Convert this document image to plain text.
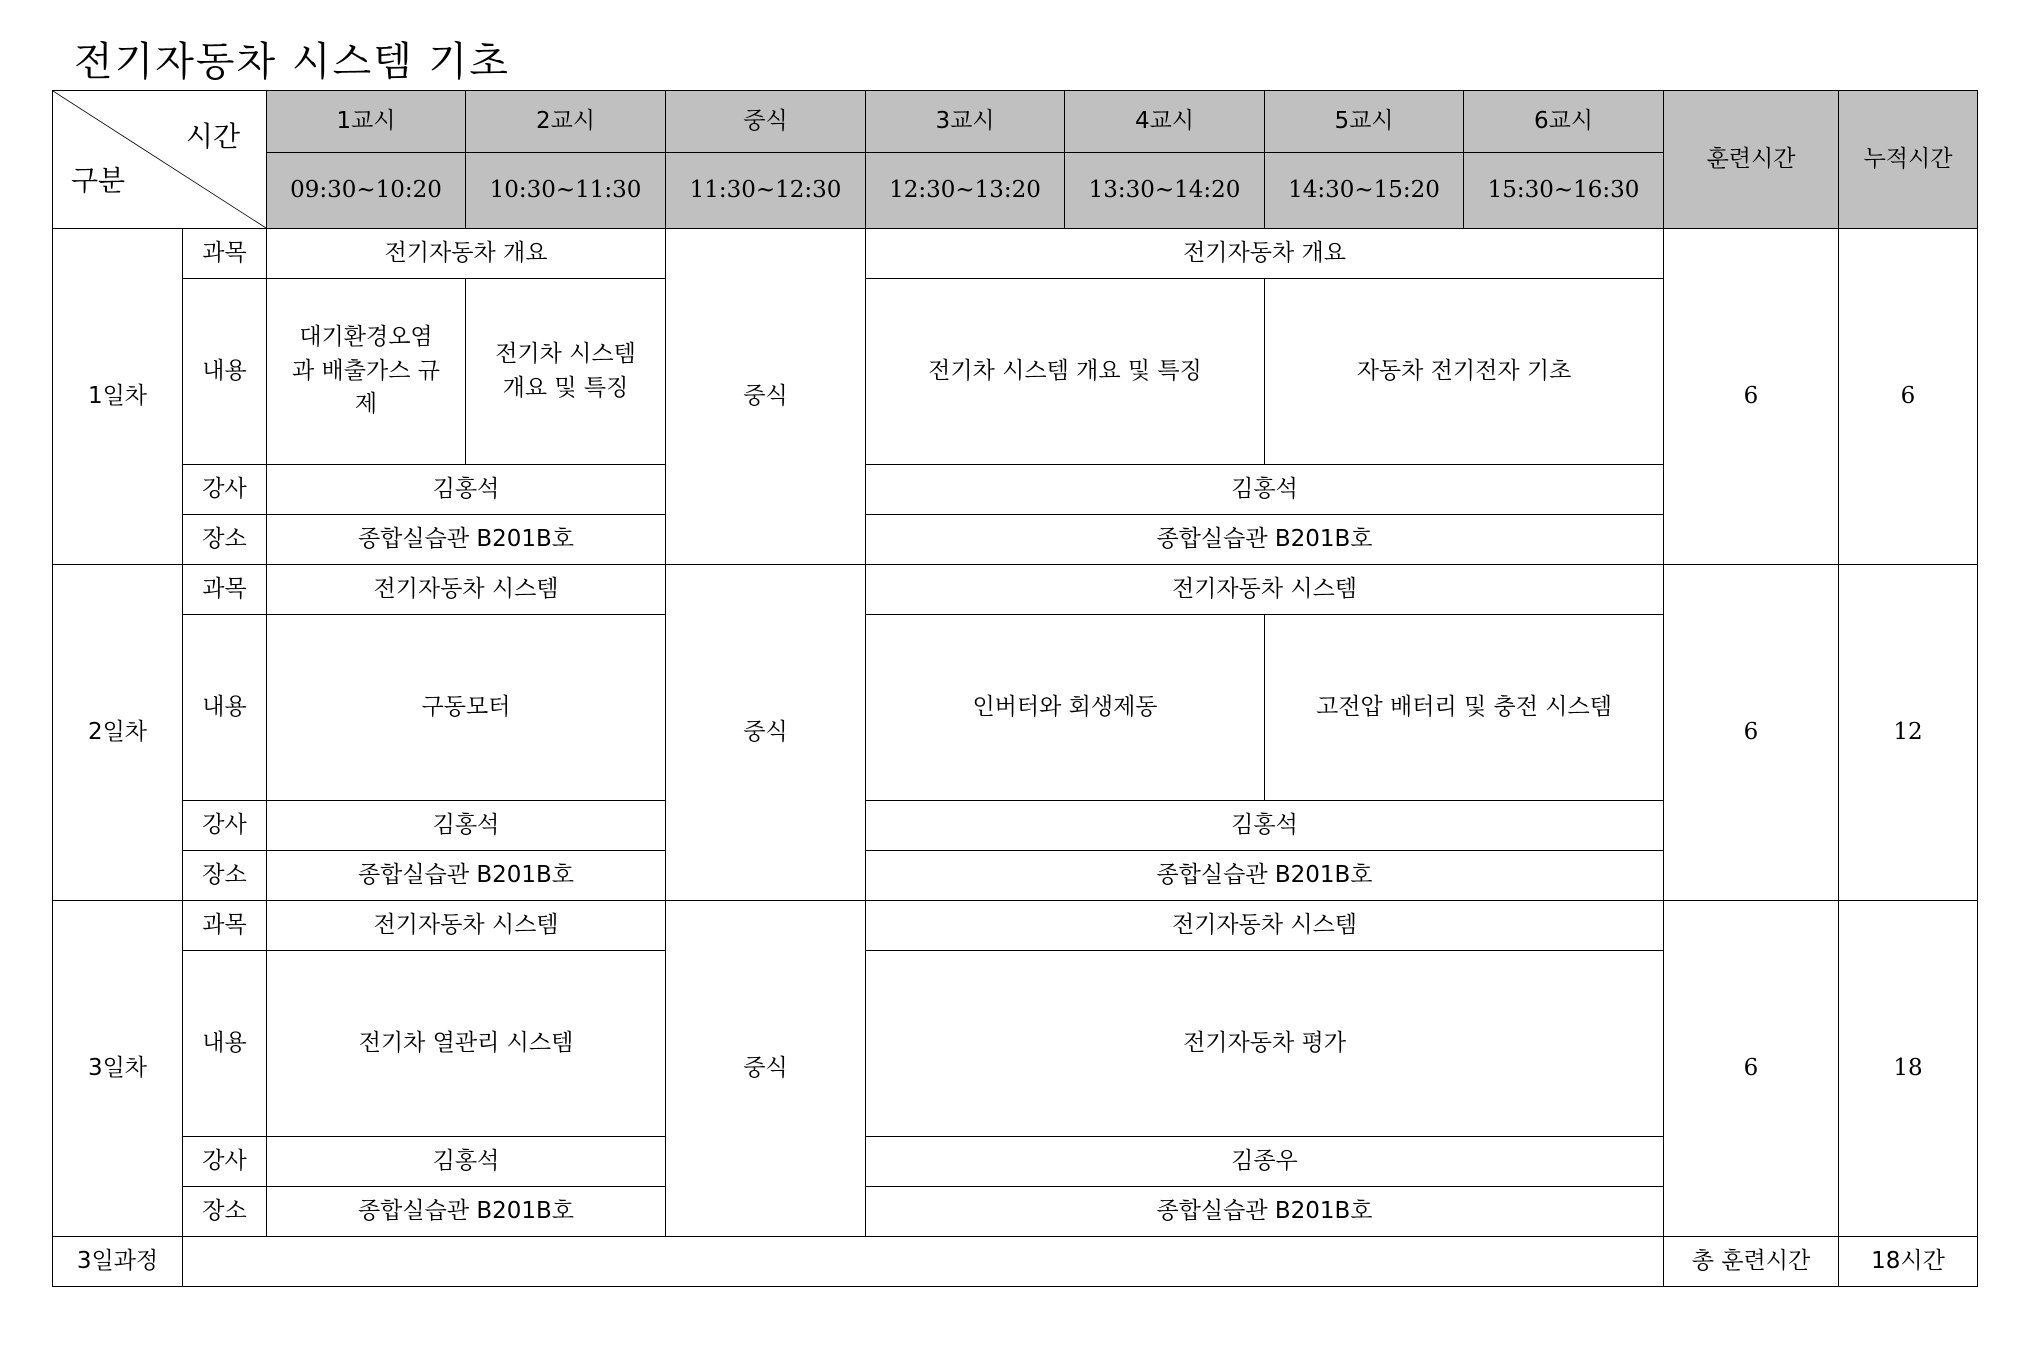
전기자동차 시스템 기초
시간
구분		1교시	2교시	중식	3교시	4교시	5교시	6교시	훈련시간	누적시간
		09:30~10:20	10:30~11:30	11:30~12:30	12:30~13:20	13:30~14:20	14:30~15:20	15:30~16:30		
1일차	과목	전기자동차 개요		중식	전기자동차 개요				6	6
	내용	대기환경오염 과 배출가스 규제	전기차 시스템 개요 및 특징		전기차 시스템 개요 및 특징		자동차 전기전자 기초			
	강사	김홍석			김홍석					
	장소	종합실습관 B201B호			종합실습관 B201B호					
2일차	과목	전기자동차 시스템		중식	전기자동차 시스템				6	12
	내용	구동모터			인버터와 회생제동		고전압 배터리 및 충전 시스템			
	강사	김홍석			김홍석					
	장소	종합실습관 B201B호			종합실습관 B201B호					
3일차	과목	전기자동차 시스템		중식	전기자동차 시스템				6	18
	내용	전기차 열관리 시스템			전기자동차 평가					
	강사	김홍석			김종우					
	장소	종합실습관 B201B호			종합실습관 B201B호					
3일과정									총 훈련시간	18시간
